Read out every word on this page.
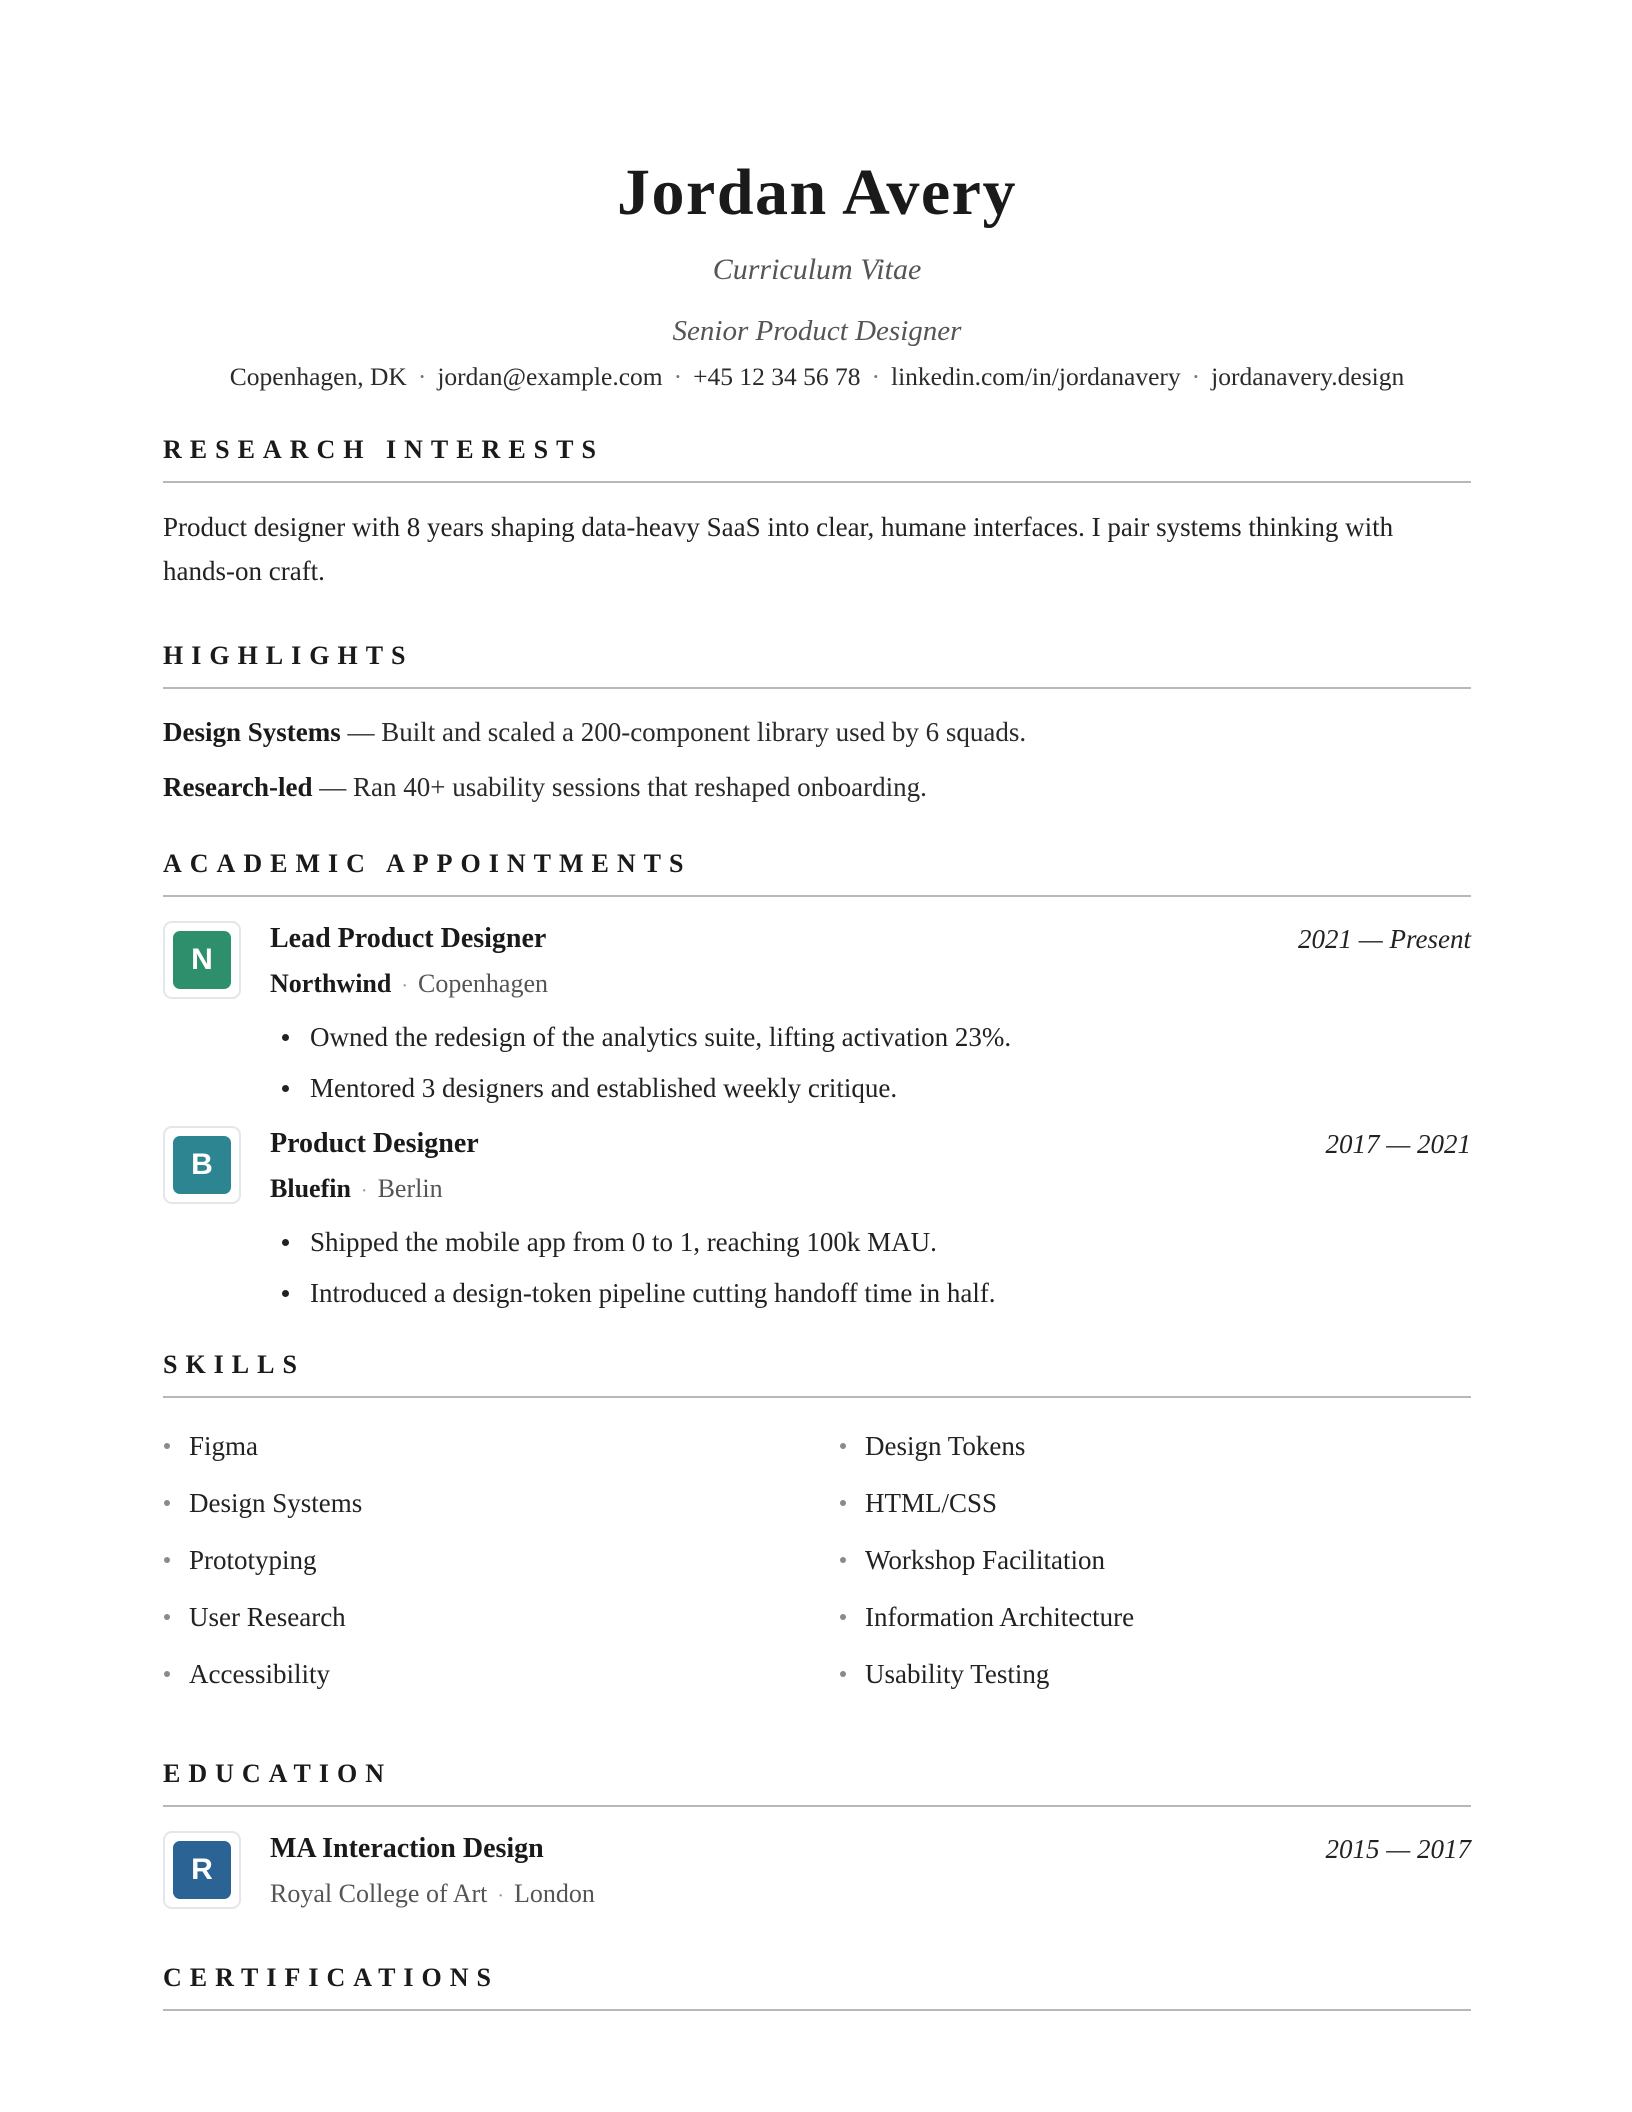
Jordan Avery
Curriculum Vitae
Senior Product Designer
Copenhagen, DK · jordan@example.com · +45 12 34 56 78 · linkedin.com/in/jordanavery · jordanavery.design
RESEARCH INTERESTS
Product designer with 8 years shaping data-heavy SaaS into clear, humane interfaces. I pair systems thinking with hands-on craft.
HIGHLIGHTS
Design Systems — Built and scaled a 200-component library used by 6 squads.
Research-led — Ran 40+ usability sessions that reshaped onboarding.
ACADEMIC APPOINTMENTS
N
Lead Product Designer	2021 — Present
Northwind · Copenhagen
Owned the redesign of the analytics suite, lifting activation 23%.
Mentored 3 designers and established weekly critique.
B
Product Designer	2017 — 2021
Bluefin · Berlin
Shipped the mobile app from 0 to 1, reaching 100k MAU.
Introduced a design-token pipeline cutting handoff time in half.
SKILLS
Figma	Design Tokens
Design Systems	HTML/CSS
Prototyping	Workshop Facilitation
User Research	Information Architecture
Accessibility	Usability Testing
EDUCATION
R
MA Interaction Design	2015 — 2017
Royal College of Art · London
CERTIFICATIONS
